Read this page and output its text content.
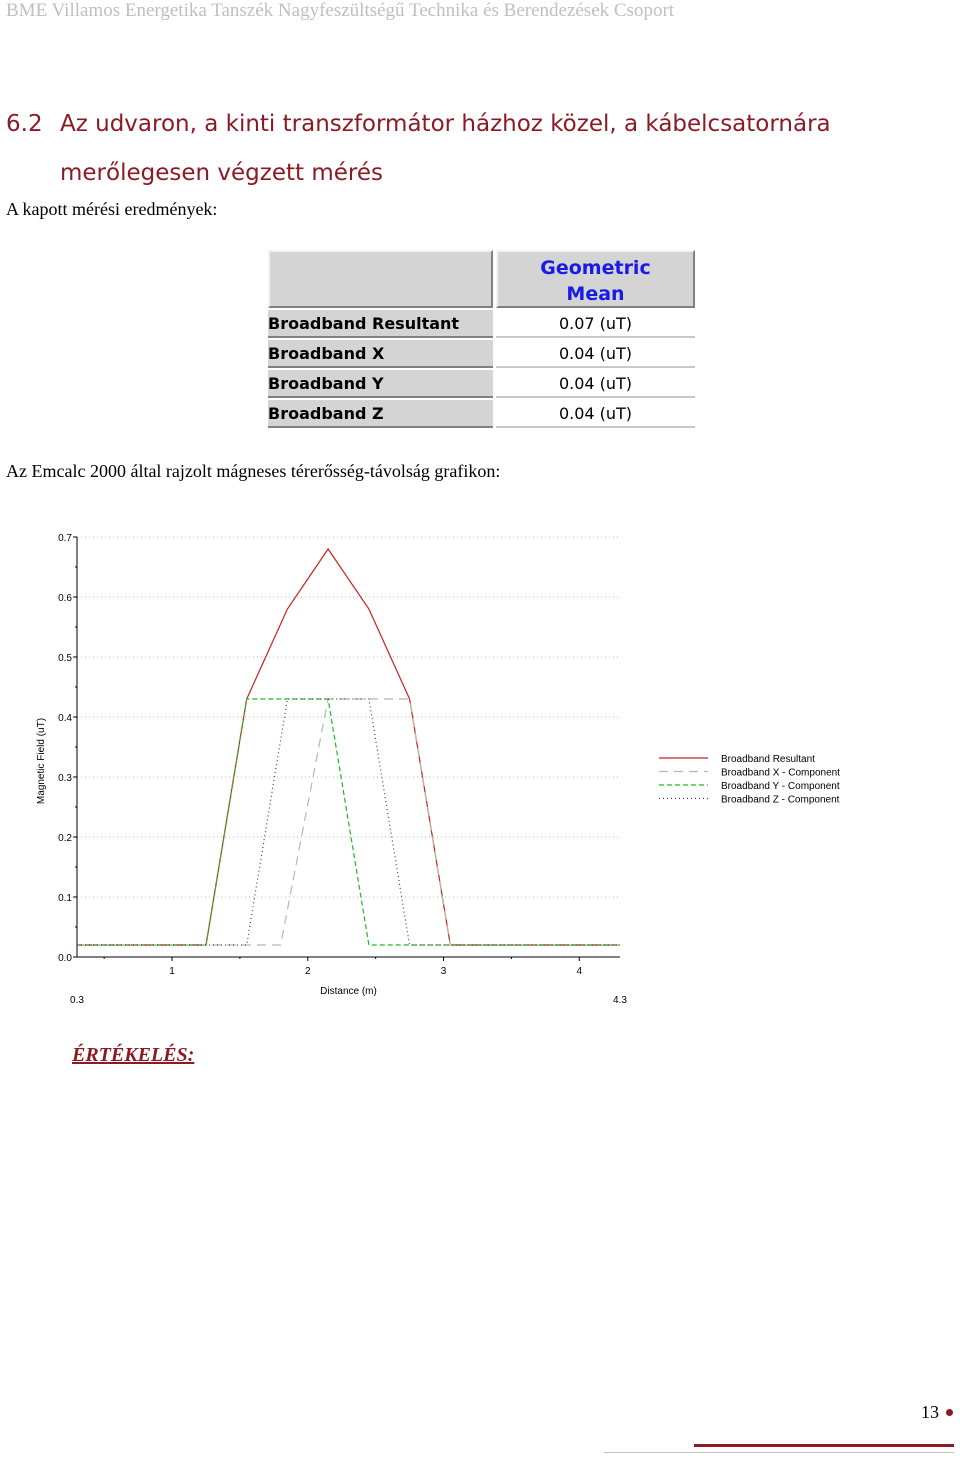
BME Villamos Energetika Tanszék Nagyfeszültségű Technika és Berendezések Csoport
6.2 Az udvaron, a kinti transzformátor házhoz közel, a kábelcsatornára
merőlegesen végzett mérés
A kapott mérési eredmények:
Geometric
Mean
Broadband Resultant	0.07 (uT)
Broadband X	0.04 (uT)
Broadband Y	0.04 (uT)
Broadband Z	0.04 (uT)
Az Emcalc 2000 által rajzolt mágneses térerősség-távolság grafikon:
0.0
0.1
0.2
0.3
0.4
0.5
0.6
0.7
1	2	3	4
0.3	4.3
Distance (m)
Magnetic Field (uT)	Broadband Resultant
Broadband X - Component
Broadband Y - Component
Broadband Z - Component
ÉRTÉKELÉS:
13
